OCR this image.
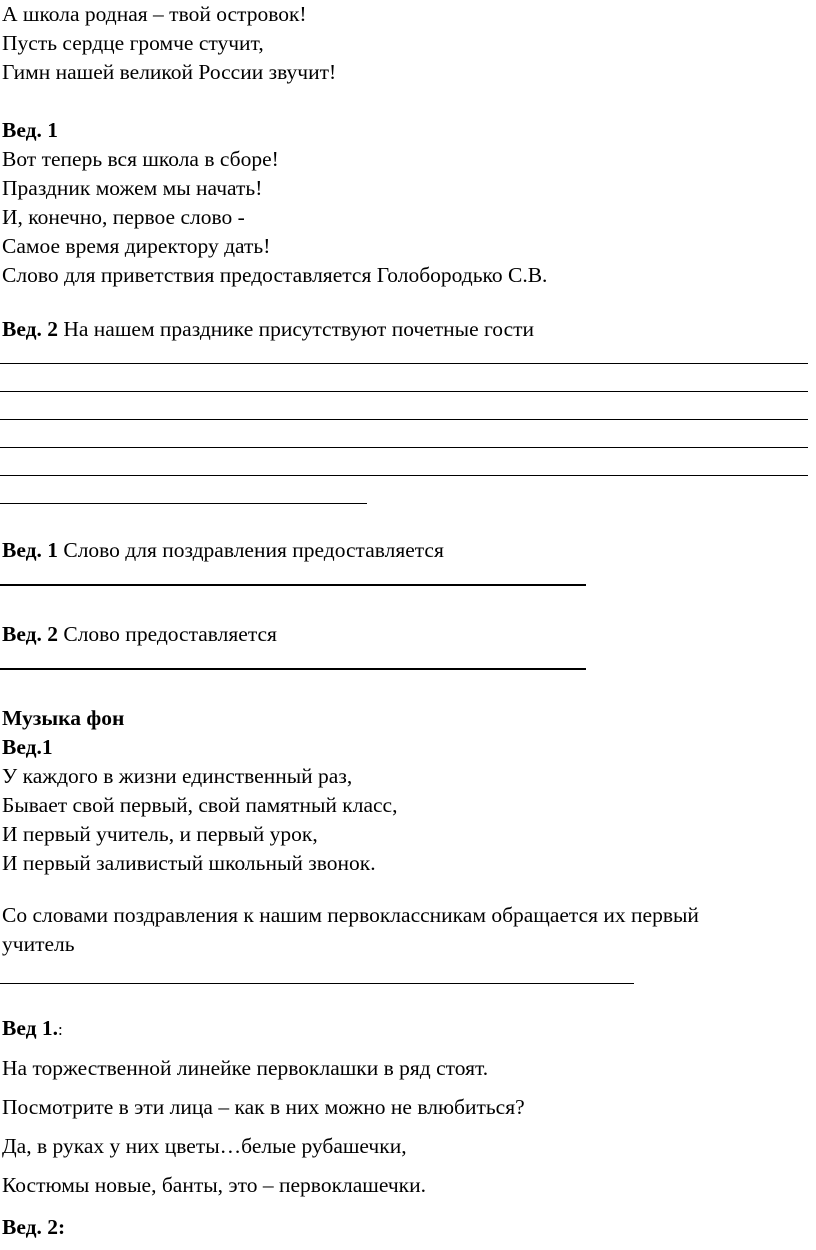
А школа родная – твой островок!
Пусть сердце громче стучит,
Гимн нашей великой России звучит!
Вед. 1
Вот теперь вся школа в сборе!
Праздник можем мы начать!
И, конечно, первое слово -
Самое время директору дать!
Слово для приветствия предоставляется Голобородько С.В.
Вед. 2 На нашем празднике присутствуют почетные гости
Вед. 1 Слово для поздравления предоставляется
Вед. 2 Слово предоставляется
Музыка фон
Вед.1
У каждого в жизни единственный раз,
Бывает свой первый, свой памятный класс,
И первый учитель, и первый урок,
И первый заливистый школьный звонок.
Со словами поздравления к нашим первоклассникам обращается их первый
учитель
Вед 1.:
На торжественной линейке первоклашки в ряд стоят.
Посмотрите в эти лица – как в них можно не влюбиться?
Да, в руках у них цветы…белые рубашечки,
Костюмы новые, банты, это – первоклашечки.
Вед. 2:
